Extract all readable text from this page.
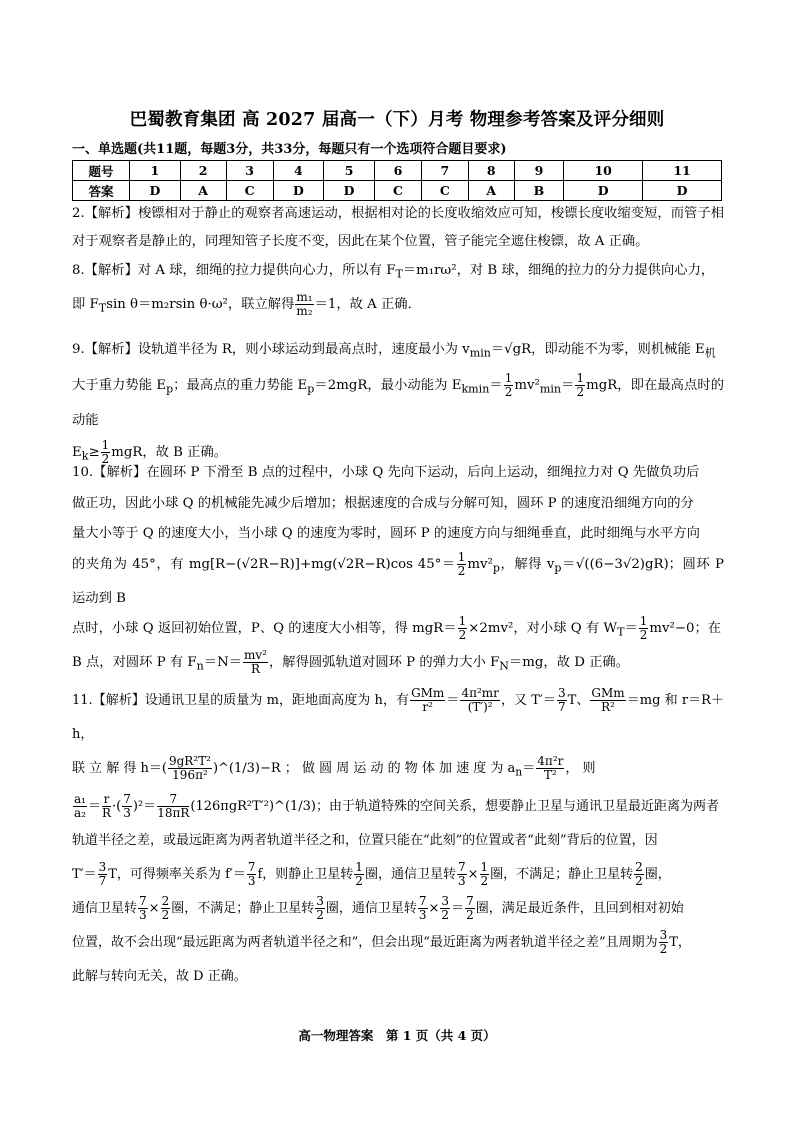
巴蜀教育集团 高 2027 届高一（下）月考 物理参考答案及评分细则
一、单选题(共11题，每题3分，共33分，每题只有一个选项符合题目要求)
题号	1	2	3	4	5	6	7	8	9	10	11
答案	D	A	C	D	D	C	C	A	B	D	D
2.【解析】梭镖相对于静止的观察者高速运动，根据相对论的长度收缩效应可知，梭镖长度收缩变短，而管子相对于观察者是静止的，同理知管子长度不变，因此在某个位置，管子能完全遮住梭镖，故 A 正确。
8.【解析】对 A 球，细绳的拉力提供向心力，所以有 $F_T=m_1r\omega^2$，对 B 球，细绳的拉力的分力提供向心力，
即 $F_T\sin$ θ＝m₂rsin θ·ω²，联立解得 $\frac{\text{m₁}}{\text{m₂}} =1$，故 A 正确．
9.【解析】设轨道半径为 R，则小球运动到最高点时，速度最小为 $v_{min}=√gR$，即动能不为零，则机械能 $E_机$
大于重力势能 $E_p$；最高点的重力势能 $E_p=2mgR$，最小动能为 $E_{kmin}= \frac{1}{2} mv^2_{min}= \frac{1}{2}$ mgR，即在最高点时的动能
$E_k\ge \frac{1}{2}$ mgR，故 B 正确。
10.【解析】在圆环 P 下滑至 B 点的过程中，小球 Q 先向下运动，后向上运动，细绳拉力对 Q 先做负功后
做正功，因此小球 Q 的机械能先减少后增加；根据速度的合成与分解可知，圆环 P 的速度沿细绳方向的分
量大小等于 Q 的速度大小，当小球 Q 的速度为零时，圆环 P 的速度方向与细绳垂直，此时细绳与水平方向
的夹角为 45°，有 mg[R−(√2R−R)]+mg(√2R−R)cos $45^\circ= \frac{1}{2} mv^2_p$，解得 $v_p=√((6-3√2)gR)$；圆环 P 运动到 B
点时，小球 Q 返回初始位置，P、Q 的速度大小相等，得 $mgR= \frac{1}{2} \times 2mv^2$，对小球 Q 有 $W_T= \frac{1}{2} mv^2-0$；在
B 点，对圆环 P 有 $F_n=N= \frac{\text{mv²}}{R}$ ，解得圆弧轨道对圆环 P 的弹力大小 $F_N=mg$，故 D 正确。
11.【解析】设通讯卫星的质量为 m，距地面高度为 h，有 $\frac{\text{GMm}}{\text{r²}} = \frac{\text{4π²mr}}{\text{(T′)²}}$ ，又 $T'= \frac{3}{7}$ T、 $\frac{\text{GMm}}{\text{R²}} =mg$ 和 r＝R＋h，
联 立 解 得 $h=( \frac{\text{9gR²T²}}{\text{196π²}}$ )^(1/3)−R ； 做 圆 周 运 动 的 物 体 加 速 度 为 $a_n= \frac{\text{4π²r}}{\text{T²}}$ ， 则

$\frac{\text{a₁}}{\text{a₂}} = \frac{r}{R}$ ·( $\frac{7}{3} )^2= \frac{7}{18\pi R}$ (126πgR²T′²)^(1/3)；由于轨道特殊的空间关系，想要静止卫星与通讯卫星最近距离为两者
轨道半径之差，或最远距离为两者轨道半径之和，位置只能在“此刻”的位置或者“此刻”背后的位置，因
$T'= \frac{3}{7}$ T，可得频率关系为 $f'= \frac{7}{3}$ f，则静止卫星转 $\frac{1}{2}$ 圈，通信卫星转 $\frac{7}{3} \times \frac{1}{2}$ 圈，不满足；静止卫星转 $\frac{2}{2}$ 圈，
通信卫星转 $\frac{7}{3} \times \frac{2}{2}$ 圈，不满足；静止卫星转 $\frac{3}{2}$ 圈，通信卫星转 $\frac{7}{3} \times \frac{3}{2} = \frac{7}{2}$ 圈，满足最近条件，且回到相对初始
位置，故不会出现“最远距离为两者轨道半径之和”，但会出现“最近距离为两者轨道半径之差”且周期为 $\frac{3}{2}$ T，
此解与转向无关，故 D 正确。
高一物理答案　第 1 页（共 4 页）
